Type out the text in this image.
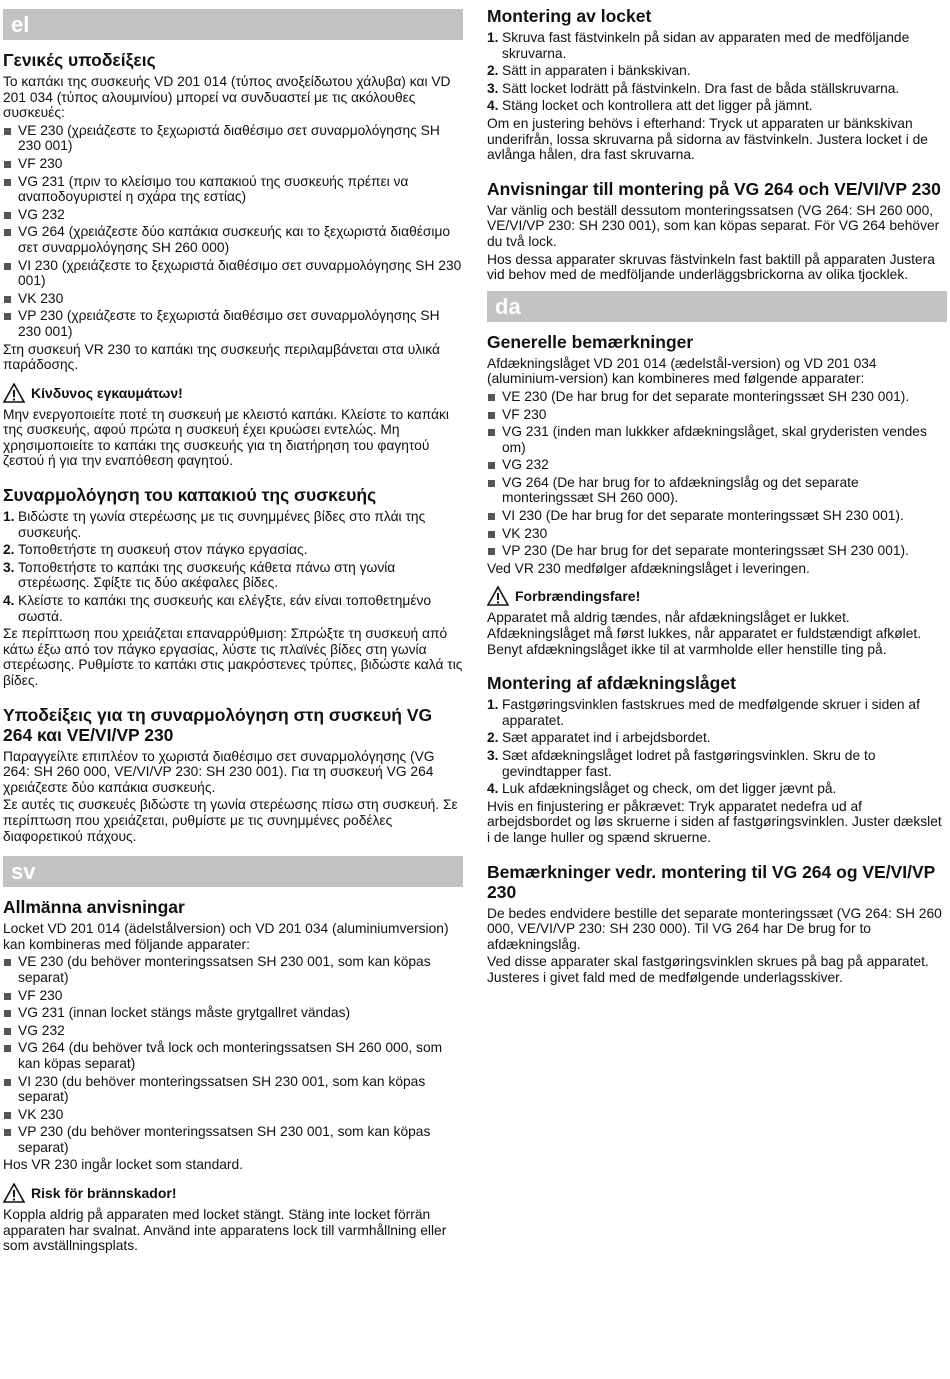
el
Γενικές υποδείξεις

Το καπάκι της συσκευής VD 201 014 (τύπος ανοξείδωτου χάλυβα) και VD 201 034 (τύπος αλουμινίου) μπορεί να συνδυαστεί με τις ακόλουθες συσκευές:

VE 230 (χρειάζεστε το ξεχωριστά διαθέσιμο σετ συναρμολόγησης SH 230 001)
VF 230
VG 231 (πριν το κλείσιμο του καπακιού της συσκευής πρέπει να αναποδογυριστεί η σχάρα της εστίας)
VG 232
VG 264 (χρειάζεστε δύο καπάκια συσκευής και το ξεχωριστά διαθέσιμο σετ συναρμολόγησης SH 260 000)
VI 230 (χρειάζεστε το ξεχωριστά διαθέσιμο σετ συναρμολόγησης SH 230 001)
VK 230
VP 230 (χρειάζεστε το ξεχωριστά διαθέσιμο σετ συναρμολόγησης SH 230 001)

Στη συσκευή VR 230 το καπάκι της συσκευής περιλαμβάνεται στα υλικά παράδοσης.

Κίνδυνος εγκαυμάτων!

Μην ενεργοποιείτε ποτέ τη συσκευή με κλειστό καπάκι. Κλείστε το καπάκι της συσκευής, αφού πρώτα η συσκευή έχει κρυώσει εντελώς. Μη χρησιμοποιείτε το καπάκι της συσκευής για τη διατήρηση του φαγητού ζεστού ή για την εναπόθεση φαγητού.

Συναρμολόγηση του καπακιού της συσκευής
1. Βιδώστε τη γωνία στερέωσης με τις συνημμένες βίδες στο πλάι της συσκευής.
2. Τοποθετήστε τη συσκευή στον πάγκο εργασίας.
3. Τοποθετήστε το καπάκι της συσκευής κάθετα πάνω στη γωνία στερέωσης. Σφίξτε τις δύο ακέφαλες βίδες.
4. Κλείστε το καπάκι της συσκευής και ελέγξτε, εάν είναι τοποθετημένο σωστά.

Σε περίπτωση που χρειάζεται επαναρρύθμιση: Σπρώξτε τη συσκευή από κάτω έξω από τον πάγκο εργασίας, λύστε τις πλαϊνές βίδες στη γωνία στερέωσης. Ρυθμίστε το καπάκι στις μακρόστενες τρύπες, βιδώστε καλά τις βίδες.

Υποδείξεις για τη συναρμολόγηση στη συσκευή VG 264 και VE/VI/VP 230

Παραγγείλτε επιπλέον το χωριστά διαθέσιμο σετ συναρμολόγησης (VG 264: SH 260 000, VE/VI/VP 230: SH 230 001). Για τη συσκευή VG 264 χρειάζεστε δύο καπάκια συσκευής.

Σε αυτές τις συσκευές βιδώστε τη γωνία στερέωσης πίσω στη συσκευή. Σε περίπτωση που χρειάζεται, ρυθμίστε με τις συνημμένες ροδέλες διαφορετικού πάχους.

sv
Allmänna anvisningar

Locket VD 201 014 (ädelstålversion) och VD 201 034 (aluminiumversion) kan kombineras med följande apparater:

VE 230 (du behöver monteringssatsen SH 230 001, som kan köpas separat)
VF 230
VG 231 (innan locket stängs måste grytgallret vändas)
VG 232
VG 264 (du behöver två lock och monteringssatsen SH 260 000, som kan köpas separat)
VI 230 (du behöver monteringssatsen SH 230 001, som kan köpas separat)
VK 230
VP 230 (du behöver monteringssatsen SH 230 001, som kan köpas separat)

Hos VR 230 ingår locket som standard.

Risk för brännskador!

Koppla aldrig på apparaten med locket stängt. Stäng inte locket förrän apparaten har svalnat. Använd inte apparatens lock till varmhållning eller som avställningsplats.

Montering av locket
1. Skruva fast fästvinkeln på sidan av apparaten med de medföljande skruvarna.
2. Sätt in apparaten i bänkskivan.
3. Sätt locket lodrätt på fästvinkeln. Dra fast de båda ställskruvarna.
4. Stäng locket och kontrollera att det ligger på jämnt.

Om en justering behövs i efterhand: Tryck ut apparaten ur bänkskivan underifrån, lossa skruvarna på sidorna av fästvinkeln. Justera locket i de avlånga hålen, dra fast skruvarna.

Anvisningar till montering på VG 264 och VE/VI/VP 230

Var vänlig och beställ dessutom monteringssatsen (VG 264: SH 260 000, VE/VI/VP 230: SH 230 001), som kan köpas separat. För VG 264 behöver du två lock.

Hos dessa apparater skruvas fästvinkeln fast baktill på apparaten Justera vid behov med de medföljande underläggsbrickorna av olika tjocklek.

da
Generelle bemærkninger

Afdækningslåget VD 201 014 (ædelstål-version) og VD 201 034 (aluminium-version) kan kombineres med følgende apparater:

VE 230 (De har brug for det separate monteringssæt SH 230 001).
VF 230
VG 231 (inden man lukkker afdækningslåget, skal gryderisten vendes om)
VG 232
VG 264 (De har brug for to afdækningslåg og det separate monteringssæt SH 260 000).
VI 230 (De har brug for det separate monteringssæt SH 230 001).
VK 230
VP 230 (De har brug for det separate monteringssæt SH 230 001).

Ved VR 230 medfølger afdækningslåget i leveringen.

Forbrændingsfare!

Apparatet må aldrig tændes, når afdækningslåget er lukket. Afdækningslåget må først lukkes, når apparatet er fuldstændigt afkølet. Benyt afdækningslåget ikke til at varmholde eller henstille ting på.

Montering af afdækningslåget
1. Fastgøringsvinklen fastskrues med de medfølgende skruer i siden af apparatet.
2. Sæt apparatet ind i arbejdsbordet.
3. Sæt afdækningslåget lodret på fastgøringsvinklen. Skru de to gevindtapper fast.
4. Luk afdækningslåget og check, om det ligger jævnt på.

Hvis en finjustering er påkrævet: Tryk apparatet nedefra ud af arbejdsbordet og løs skruerne i siden af fastgøringsvinklen. Juster dækslet i de lange huller og spænd skruerne.

Bemærkninger vedr. montering til VG 264 og VE/VI/VP 230

De bedes endvidere bestille det separate monteringssæt (VG 264: SH 260 000, VE/VI/VP 230: SH 230 000). Til VG 264 har De brug for to afdækningslåg.

Ved disse apparater skal fastgøringsvinklen skrues på bag på apparatet. Justeres i givet fald med de medfølgende underlagsskiver.
